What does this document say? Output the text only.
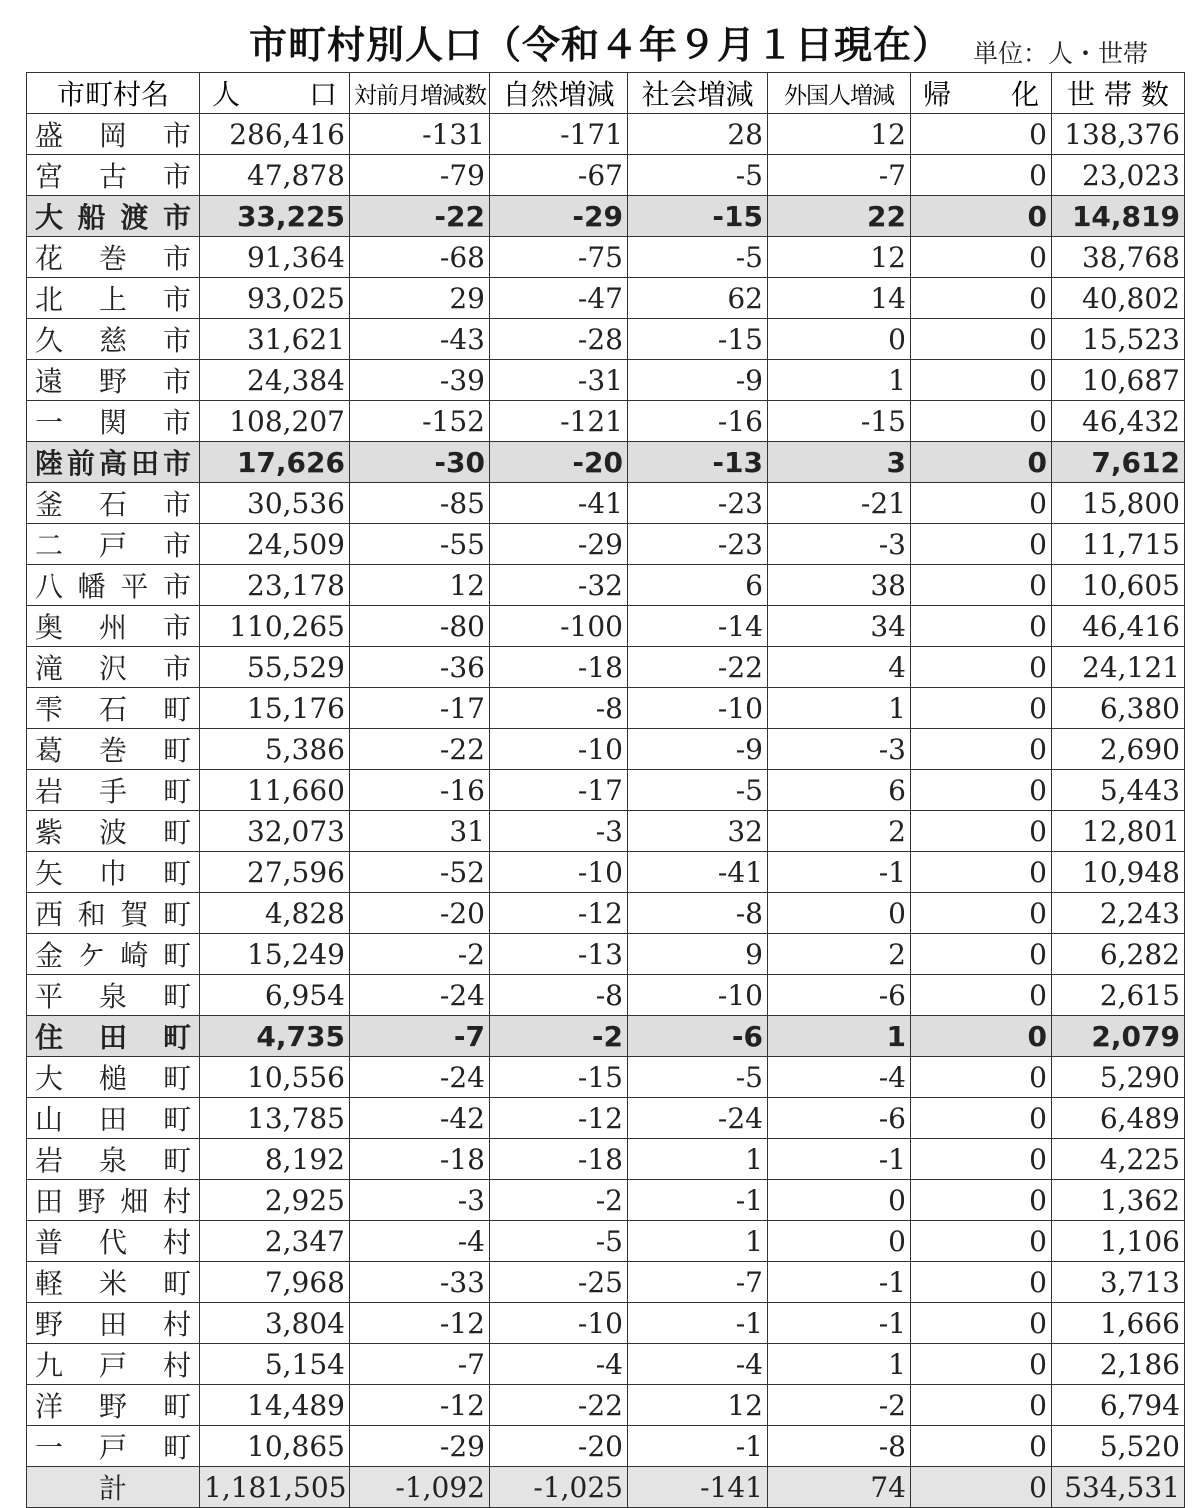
市町村別人口（令和４年９月１日現在） 単位：人・世帯
市町村名	人　　口	対前月増減数	自然増減	社会増減	外国人増減	帰　　化	世 帯 数
盛岡市	286,416	-131	-171	28	12	0	138,376
宮古市	47,878	-79	-67	-5	-7	0	23,023
大船渡市	33,225	-22	-29	-15	22	0	14,819
花巻市	91,364	-68	-75	-5	12	0	38,768
北上市	93,025	29	-47	62	14	0	40,802
久慈市	31,621	-43	-28	-15	0	0	15,523
遠野市	24,384	-39	-31	-9	1	0	10,687
一関市	108,207	-152	-121	-16	-15	0	46,432
陸前高田市	17,626	-30	-20	-13	3	0	7,612
釜石市	30,536	-85	-41	-23	-21	0	15,800
二戸市	24,509	-55	-29	-23	-3	0	11,715
八幡平市	23,178	12	-32	6	38	0	10,605
奥州市	110,265	-80	-100	-14	34	0	46,416
滝沢市	55,529	-36	-18	-22	4	0	24,121
雫石町	15,176	-17	-8	-10	1	0	6,380
葛巻町	5,386	-22	-10	-9	-3	0	2,690
岩手町	11,660	-16	-17	-5	6	0	5,443
紫波町	32,073	31	-3	32	2	0	12,801
矢巾町	27,596	-52	-10	-41	-1	0	10,948
西和賀町	4,828	-20	-12	-8	0	0	2,243
金ケ崎町	15,249	-2	-13	9	2	0	6,282
平泉町	6,954	-24	-8	-10	-6	0	2,615
住田町	4,735	-7	-2	-6	1	0	2,079
大槌町	10,556	-24	-15	-5	-4	0	5,290
山田町	13,785	-42	-12	-24	-6	0	6,489
岩泉町	8,192	-18	-18	1	-1	0	4,225
田野畑村	2,925	-3	-2	-1	0	0	1,362
普代村	2,347	-4	-5	1	0	0	1,106
軽米町	7,968	-33	-25	-7	-1	0	3,713
野田村	3,804	-12	-10	-1	-1	0	1,666
九戸村	5,154	-7	-4	-4	1	0	2,186
洋野町	14,489	-12	-22	12	-2	0	6,794
一戸町	10,865	-29	-20	-1	-8	0	5,520
計	1,181,505	-1,092	-1,025	-141	74	0	534,531
